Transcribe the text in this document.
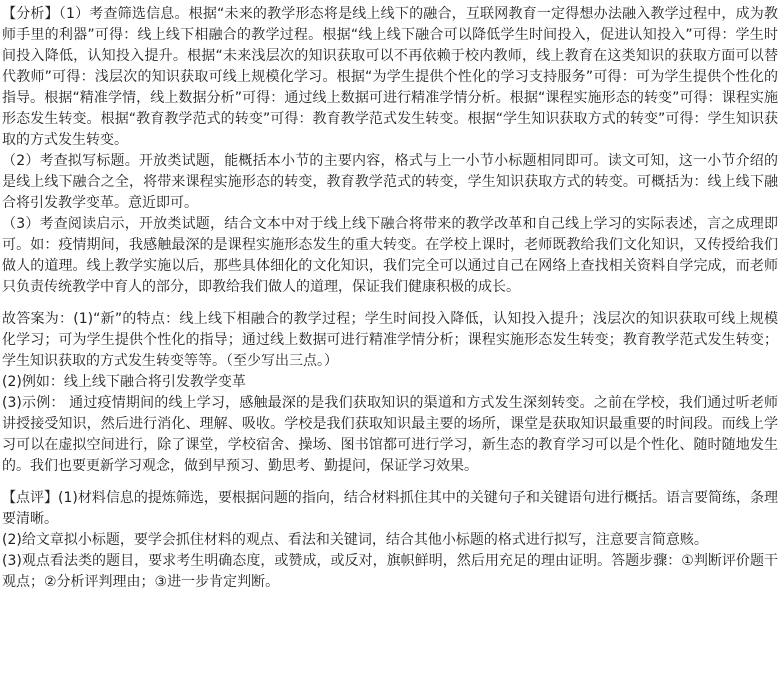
【分析】（1）考查筛选信息。根据“未来的教学形态将是线上线下的融合，互联网教育一定得想办法融入教学过程中，成为教师手里的利器”可得：线上线下相融合的教学过程。根据“线上线下融合可以降低学生时间投入，促进认知投入”可得：学生时间投入降低，认知投入提升。根据“未来浅层次的知识获取可以不再依赖于校内教师，线上教育在这类知识的获取方面可以替代教师”可得：浅层次的知识获取可线上规模化学习。根据“为学生提供个性化的学习支持服务”可得：可为学生提供个性化的指导。根据“精准学情，线上数据分析”可得：通过线上数据可进行精准学情分析。根据“课程实施形态的转变”可得：课程实施形态发生转变。根据“教育教学范式的转变”可得：教育教学范式发生转变。根据“学生知识获取方式的转变”可得：学生知识获取的方式发生转变。

（2）考查拟写标题。开放类试题，能概括本小节的主要内容，格式与上一小节小标题相同即可。读文可知，这一小节介绍的是线上线下融合之全，将带来课程实施形态的转变，教育教学范式的转变，学生知识获取方式的转变。可概括为：线上线下融合将引发教学变革。意近即可。

（3）考查阅读启示，开放类试题，结合文本中对于线上线下融合将带来的教学改革和自己线上学习的实际表述，言之成理即可。如：疫情期间，我感触最深的是课程实施形态发生的重大转变。在学校上课时，老师既教给我们文化知识，又传授给我们做人的道理。线上教学实施以后，那些具体细化的文化知识，我们完全可以通过自己在网络上查找相关资料自学完成，而老师只负责传统教学中育人的部分，即教给我们做人的道理，保证我们健康积极的成长。

故答案为：(1)“新”的特点：线上线下相融合的教学过程；学生时间投入降低，认知投入提升；浅层次的知识获取可线上规模化学习；可为学生提供个性化的指导；通过线上数据可进行精准学情分析；课程实施形态发生转变；教育教学范式发生转变；学生知识获取的方式发生转变等等。（至少写出三点。）

(2)例如：线上线下融合将引发教学变革

(3)示例： 通过疫情期间的线上学习，感触最深的是我们获取知识的渠道和方式发生深刻转变。之前在学校，我们通过听老师讲授接受知识，然后进行消化、理解、吸收。学校是我们获取知识最主要的场所，课堂是获取知识最重要的时间段。而线上学习可以在虚拟空间进行，除了课堂，学校宿舍、操场、图书馆都可进行学习，新生态的教育学习可以是个性化、随时随地发生的。我们也要更新学习观念，做到早预习、勤思考、勤提问，保证学习效果。

【点评】(1)材料信息的提炼筛选，要根据问题的指向，结合材料抓住其中的关键句子和关键语句进行概括。语言要简练，条理要清晰。

(2)给文章拟小标题，要学会抓住材料的观点、看法和关键词，结合其他小标题的格式进行拟写，注意要言简意赅。

(3)观点看法类的题目，要求考生明确态度，或赞成，或反对，旗帜鲜明，然后用充足的理由证明。答题步骤：①判断评价题干观点；②分析评判理由；③进一步肯定判断。
